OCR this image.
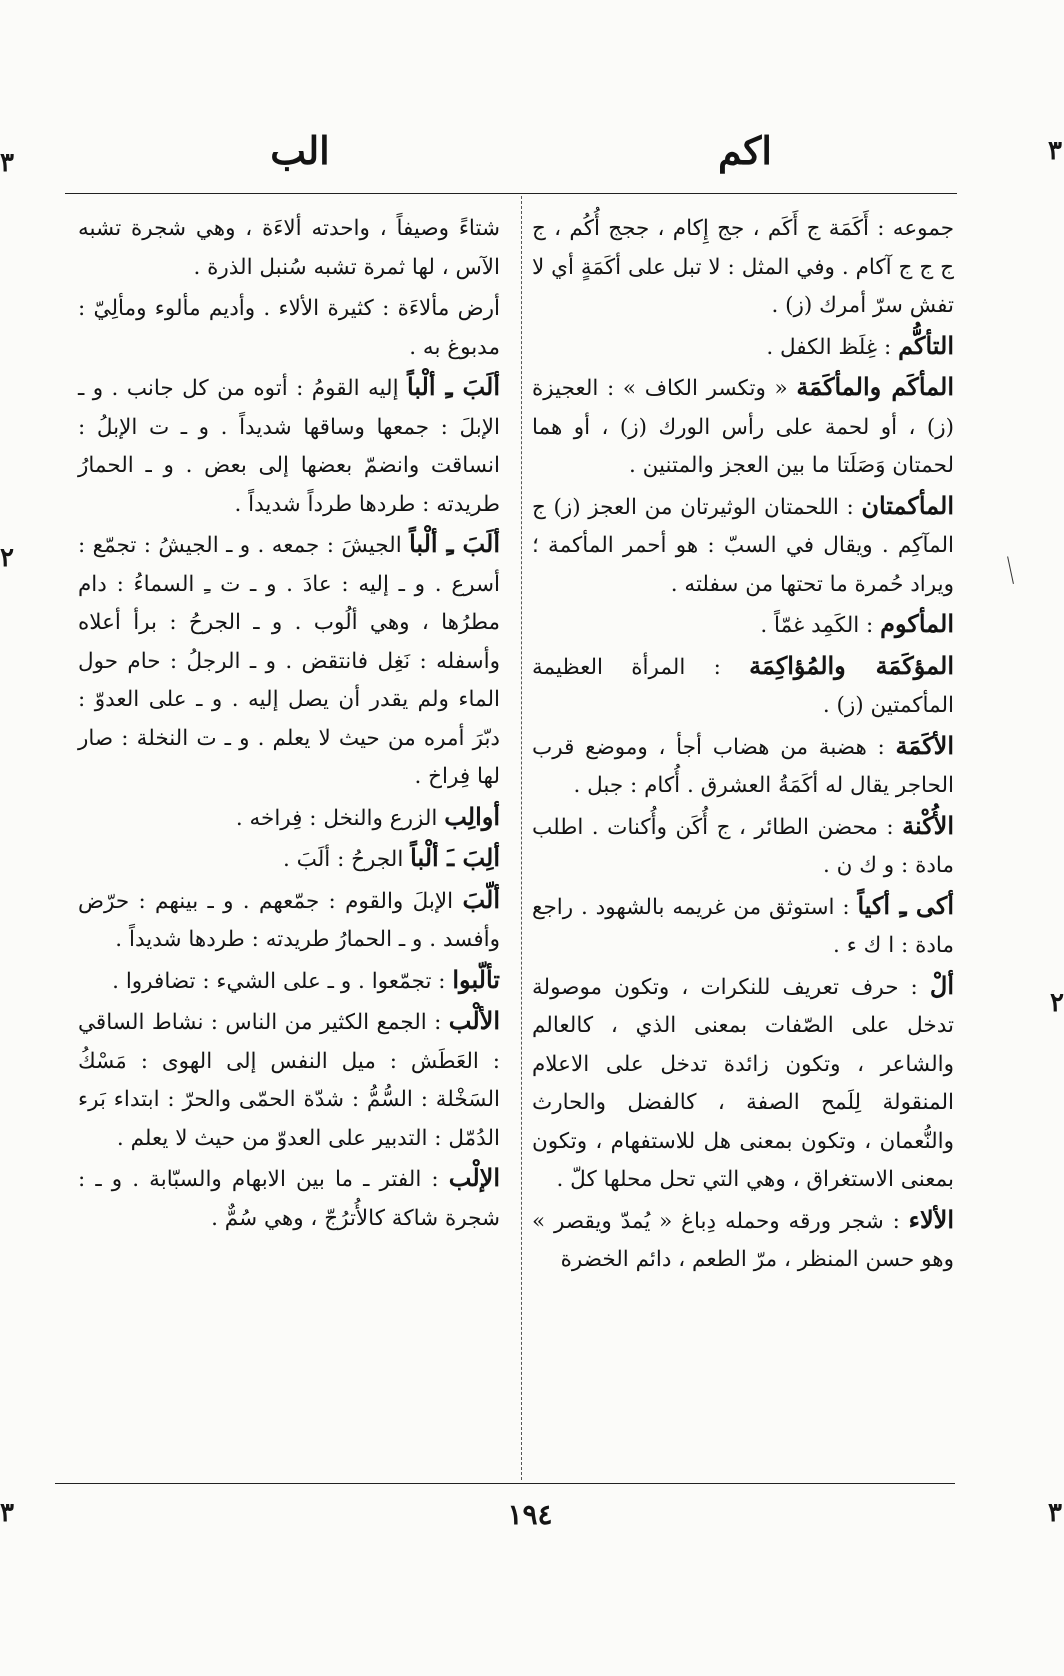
٣	٣
٢
٢
٣	٣
اكم
الب

جموعه : أَكَمَة ج أَكَم ، جج إِكام ، ججج أُكُم ، ج ج ج ج آكام . وفي المثل : لا تبل على أكَمَةٍ أي لا تفش سرّ أمرك (ز) .

التأكُّم : غِلَظ الكفل .

المأكَم والمأكَمَة « وتكسر الكاف » : العجيزة (ز) ، أو لحمة على رأس الورك (ز) ، أو هما لحمتان وَصَلَتا ما بين العجز والمتنين .

المأكمتان : اللحمتان الوثيرتان من العجز (ز) ج المآكِم . ويقال في السبّ : هو أحمر المأكمة ؛ ويراد حُمرة ما تحتها من سفلته .

المأكوم : الكَمِد غمّاً .

المؤكَمَة والمُؤاكِمَة : المرأة العظيمة المأكمتين (ز) .

الأكَمَة : هضبة من هضاب أجأ ، وموضع قرب الحاجر يقال له أكَمَةُ العشرق . أُكام : جبل .

الأُكْنة : محضن الطائر ، ج أُكَن وأُكنات . اطلب مادة : و ك ن .

أكى ـِ أكياً : استوثق من غريمه بالشهود . راجع مادة : ا ك ء .

ألْ : حرف تعريف للنكرات ، وتكون موصولة تدخل على الصّفات بمعنى الذي ، كالعالم والشاعر ، وتكون زائدة تدخل على الاعلام المنقولة لِلَمح الصفة ، كالفضل والحارث والنُّعمان ، وتكون بمعنى هل للاستفهام ، وتكون بمعنى الاستغراق ، وهي التي تحل محلها كلّ .

الألاء : شجر ورقه وحمله دِباغ « يُمدّ ويقصر » وهو حسن المنظر ، مرّ الطعم ، دائم الخضرة

شتاءً وصيفاً ، واحدته ألاءَة ، وهي شجرة تشبه الآس ، لها ثمرة تشبه سُنبل الذرة .

أرض مألاءَة : كثيرة الألاء . وأديم مألوء ومألِيّ : مدبوغ به .

ألَبَ ـِ ألْباً إليه القومُ : أتوه من كل جانب . و ـ الإبلَ : جمعها وساقها شديداً . و ـ ت الإبلُ : انساقت وانضمّ بعضها إلى بعض . و ـ الحمارُ طريدته : طردها طرداً شديداً .

ألَبَ ـِ ألْباً الجيشَ : جمعه . و ـ الجيشُ : تجمّع : أسرع . و ـ إليه : عادَ . و ـ ت ـِ السماءُ : دام مطرُها ، وهي ألُوب . و ـ الجرحُ : برأ أعلاه وأسفله : نَغِل فانتقض . و ـ الرجلُ : حام حول الماء ولم يقدر أن يصل إليه . و ـ على العدوّ : دبّرَ أمره من حيث لا يعلم . و ـ ت النخلة : صار لها فِراخ .

أوالِب الزرع والنخل : فِراخه .

ألِبَ ـَ ألْباً الجرحُ : ألَبَ .

ألّبَ الإبلَ والقوم : جمّعهم . و ـ بينهم : حرّض وأفسد . و ـ الحمارُ طريدته : طردها شديداً .

تألّبوا : تجمّعوا . و ـ على الشيء : تضافروا .

الألْب : الجمع الكثير من الناس : نشاط الساقي : العَطَش : ميل النفس إلى الهوى : مَسْكُ السَخْلة : السُّمُّ : شدّة الحمّى والحرّ : ابتداء بَرء الدُمّل : التدبير على العدوّ من حيث لا يعلم .

الإلْب : الفتر ـ ما بين الابهام والسبّابة . و ـ : شجرة شاكة كالأُترُجّ ، وهي سُمٌّ .

١٩٤
